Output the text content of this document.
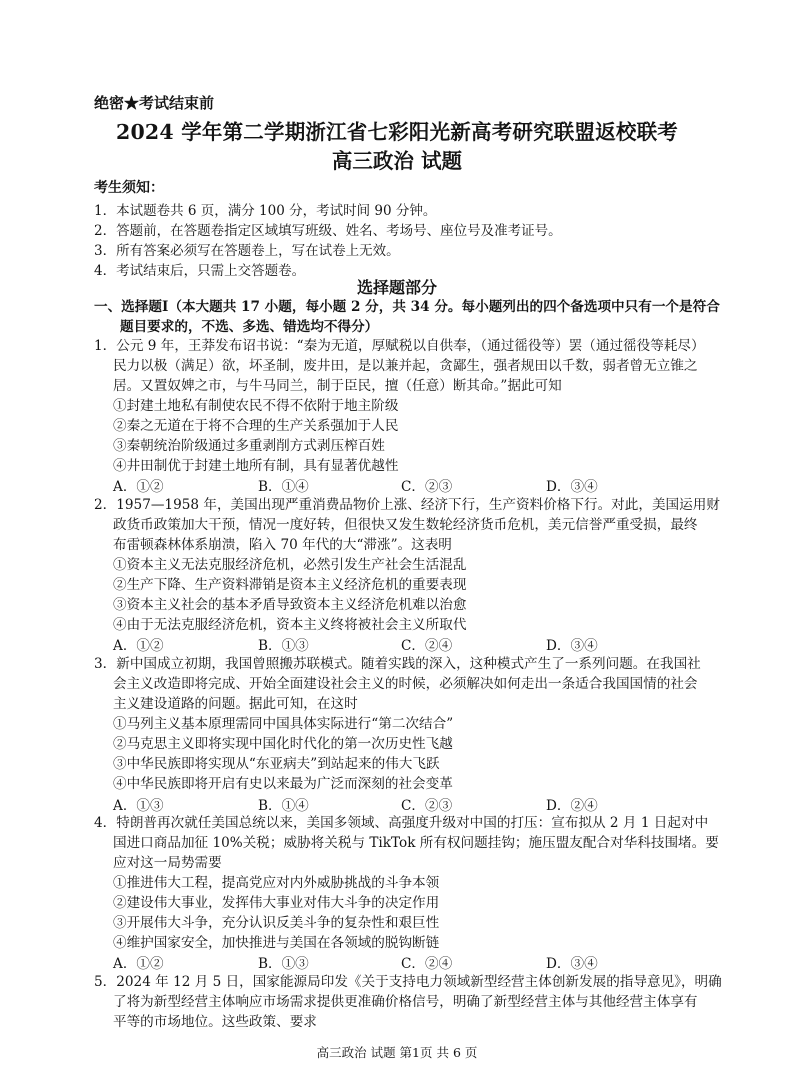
绝密★考试结束前
2024 学年第二学期浙江省七彩阳光新高考研究联盟返校联考
高三政治 试题
考生须知：
1．本试题卷共 6 页，满分 100 分，考试时间 90 分钟。
2．答题前，在答题卷指定区域填写班级、姓名、考场号、座位号及准考证号。
3．所有答案必须写在答题卷上，写在试卷上无效。
4．考试结束后，只需上交答题卷。
选择题部分
一、选择题Ⅰ（本大题共 17 小题，每小题 2 分，共 34 分。每小题列出的四个备选项中只有一个是符合
题目要求的，不选、多选、错选均不得分）
1．公元 9 年，王莽发布诏书说：“秦为无道，厚赋税以自供奉，（通过徭役等）罢（通过徭役等耗尽）
民力以极（满足）欲，坏圣制，废井田，是以兼并起，贪鄙生，强者规田以千数，弱者曾无立锥之
居。又置奴婢之市，与牛马同兰，制于臣民，擅（任意）断其命。”据此可知
①封建土地私有制使农民不得不依附于地主阶级
②秦之无道在于将不合理的生产关系强加于人民
③秦朝统治阶级通过多重剥削方式剥压榨百姓
④井田制优于封建土地所有制，具有显著优越性
A．①②	B．①④	C．②③	D．③④
2．1957—1958 年，美国出现严重消费品物价上涨、经济下行，生产资料价格下行。对此，美国运用财
政货币政策加大干预，情况一度好转，但很快又发生数轮经济货币危机，美元信誉严重受损，最终
布雷顿森林体系崩溃，陷入 70 年代的大“滞涨”。这表明
①资本主义无法克服经济危机，必然引发生产社会生活混乱
②生产下降、生产资料滞销是资本主义经济危机的重要表现
③资本主义社会的基本矛盾导致资本主义经济危机难以治愈
④由于无法克服经济危机，资本主义终将被社会主义所取代
A．①②	B．①③	C．②④	D．③④
3．新中国成立初期，我国曾照搬苏联模式。随着实践的深入，这种模式产生了一系列问题。在我国社
会主义改造即将完成、开始全面建设社会主义的时候，必须解决如何走出一条适合我国国情的社会
主义建设道路的问题。据此可知，在这时
①马列主义基本原理需同中国具体实际进行“第二次结合”
②马克思主义即将实现中国化时代化的第一次历史性飞越
③中华民族即将实现从“东亚病夫”到站起来的伟大飞跃
④中华民族即将开启有史以来最为广泛而深刻的社会变革
A．①③	B．①④	C．②③	D．②④
4．特朗普再次就任美国总统以来，美国多领域、高强度升级对中国的打压：宣布拟从 2 月 1 日起对中
国进口商品加征 10%关税；威胁将关税与 TikTok 所有权问题挂钩；施压盟友配合对华科技围堵。要
应对这一局势需要
①推进伟大工程，提高党应对内外威胁挑战的斗争本领
②建设伟大事业，发挥伟大事业对伟大斗争的决定作用
③开展伟大斗争，充分认识反美斗争的复杂性和艰巨性
④维护国家安全，加快推进与美国在各领域的脱钩断链
A．①②	B．①③	C．②④	D．③④
5．2024 年 12 月 5 日，国家能源局印发《关于支持电力领域新型经营主体创新发展的指导意见》，明确
了将为新型经营主体响应市场需求提供更准确价格信号，明确了新型经营主体与其他经营主体享有
平等的市场地位。这些政策、要求
高三政治 试题 第1页 共 6 页
